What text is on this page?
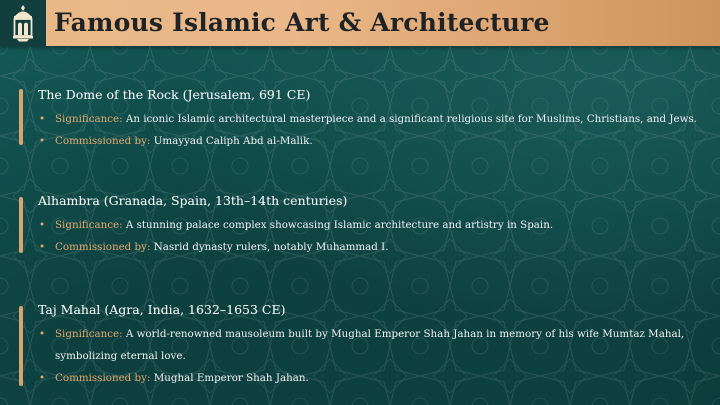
Famous Islamic Art & Architecture
The Dome of the Rock (Jerusalem, 691 CE)
• Significance: An iconic Islamic architectural masterpiece and a significant religious site for Muslims, Christians, and Jews.
• Commissioned by: Umayyad Caliph Abd al-Malik.
Alhambra (Granada, Spain, 13th–14th centuries)
• Significance: A stunning palace complex showcasing Islamic architecture and artistry in Spain.
• Commissioned by: Nasrid dynasty rulers, notably Muhammad I.
Taj Mahal (Agra, India, 1632–1653 CE)
• Significance: A world-renowned mausoleum built by Mughal Emperor Shah Jahan in memory of his wife Mumtaz Mahal, symbolizing eternal love.
• Commissioned by: Mughal Emperor Shah Jahan.
